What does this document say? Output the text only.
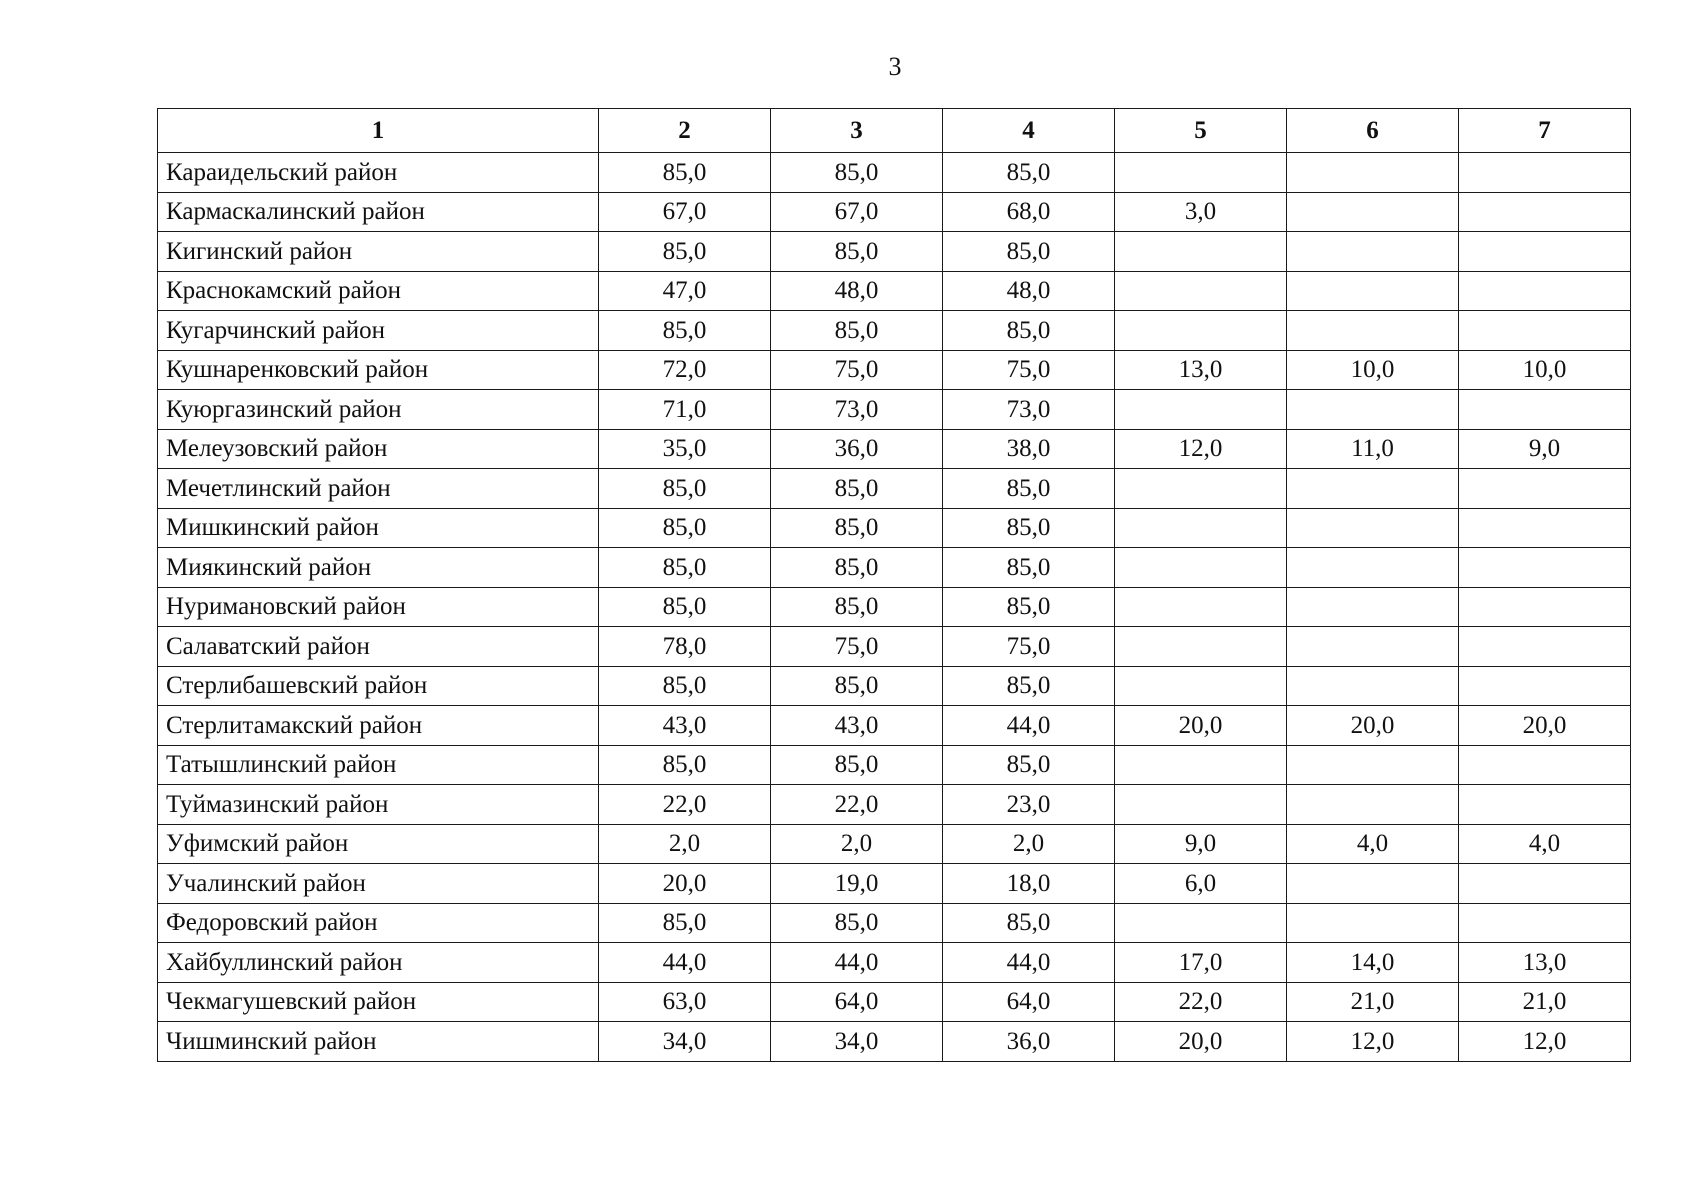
3
1	2	3	4	5	6	7
Караидельский район	85,0	85,0	85,0			
Кармаскалинский район	67,0	67,0	68,0	3,0		
Кигинский район	85,0	85,0	85,0			
Краснокамский район	47,0	48,0	48,0			
Кугарчинский район	85,0	85,0	85,0			
Кушнаренковский район	72,0	75,0	75,0	13,0	10,0	10,0
Куюргазинский район	71,0	73,0	73,0			
Мелеузовский район	35,0	36,0	38,0	12,0	11,0	9,0
Мечетлинский район	85,0	85,0	85,0			
Мишкинский район	85,0	85,0	85,0			
Миякинский район	85,0	85,0	85,0			
Нуримановский район	85,0	85,0	85,0			
Салаватский район	78,0	75,0	75,0			
Стерлибашевский район	85,0	85,0	85,0			
Стерлитамакский район	43,0	43,0	44,0	20,0	20,0	20,0
Татышлинский район	85,0	85,0	85,0			
Туймазинский район	22,0	22,0	23,0			
Уфимский район	2,0	2,0	2,0	9,0	4,0	4,0
Учалинский район	20,0	19,0	18,0	6,0		
Федоровский район	85,0	85,0	85,0			
Хайбуллинский район	44,0	44,0	44,0	17,0	14,0	13,0
Чекмагушевский район	63,0	64,0	64,0	22,0	21,0	21,0
Чишминский район	34,0	34,0	36,0	20,0	12,0	12,0
